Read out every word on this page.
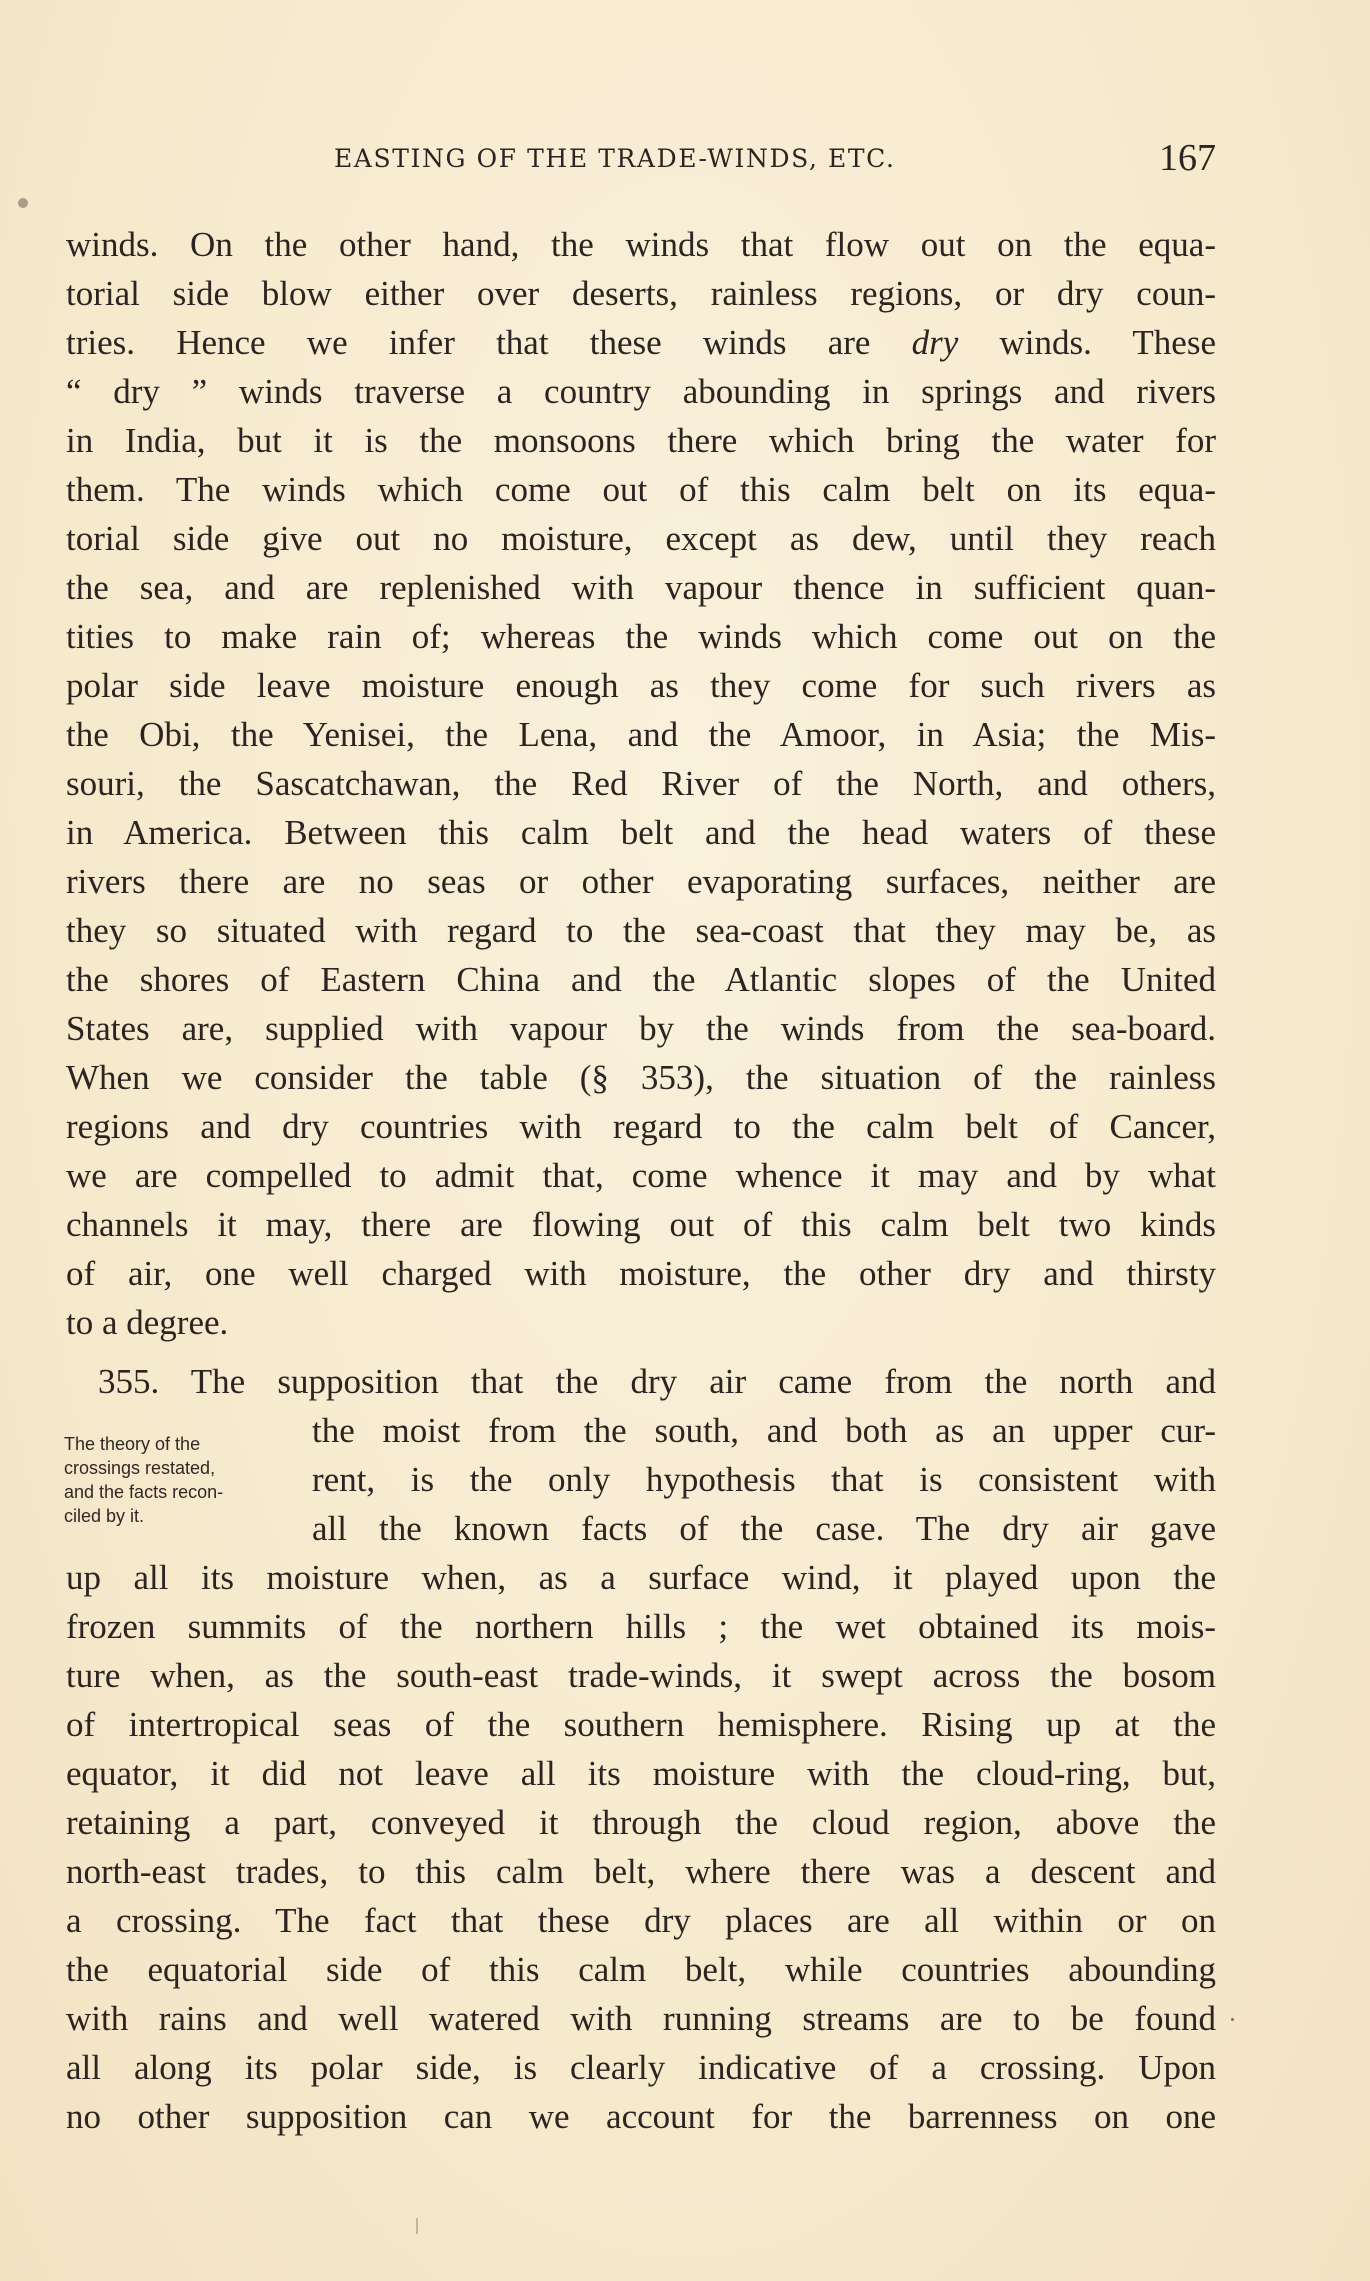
EASTING OF THE TRADE-WINDS, ETC.	167
winds. On the other hand, the winds that flow out on the equa-
torial side blow either over deserts, rainless regions, or dry coun-
tries. Hence we infer that these winds are dry winds. These
“ dry ” winds traverse a country abounding in springs and rivers
in India, but it is the monsoons there which bring the water for
them. The winds which come out of this calm belt on its equa-
torial side give out no moisture, except as dew, until they reach
the sea, and are replenished with vapour thence in sufficient quan-
tities to make rain of; whereas the winds which come out on the
polar side leave moisture enough as they come for such rivers as
the Obi, the Yenisei, the Lena, and the Amoor, in Asia; the Mis-
souri, the Sascatchawan, the Red River of the North, and others,
in America. Between this calm belt and the head waters of these
rivers there are no seas or other evaporating surfaces, neither are
they so situated with regard to the sea-coast that they may be, as
the shores of Eastern China and the Atlantic slopes of the United
States are, supplied with vapour by the winds from the sea-board.
When we consider the table (§ 353), the situation of the rainless
regions and dry countries with regard to the calm belt of Cancer,
we are compelled to admit that, come whence it may and by what
channels it may, there are flowing out of this calm belt two kinds
of air, one well charged with moisture, the other dry and thirsty
to a degree.
355. The supposition that the dry air came from the north and
The theory of the
crossings restated,
and the facts recon-
ciled by it.
the moist from the south, and both as an upper cur-
rent, is the only hypothesis that is consistent with
all the known facts of the case. The dry air gave
up all its moisture when, as a surface wind, it played upon the
frozen summits of the northern hills ; the wet obtained its mois-
ture when, as the south-east trade-winds, it swept across the bosom
of intertropical seas of the southern hemisphere. Rising up at the
equator, it did not leave all its moisture with the cloud-ring, but,
retaining a part, conveyed it through the cloud region, above the
north-east trades, to this calm belt, where there was a descent and
a crossing. The fact that these dry places are all within or on
the equatorial side of this calm belt, while countries abounding
with rains and well watered with running streams are to be found
all along its polar side, is clearly indicative of a crossing. Upon
no other supposition can we account for the barrenness on one
